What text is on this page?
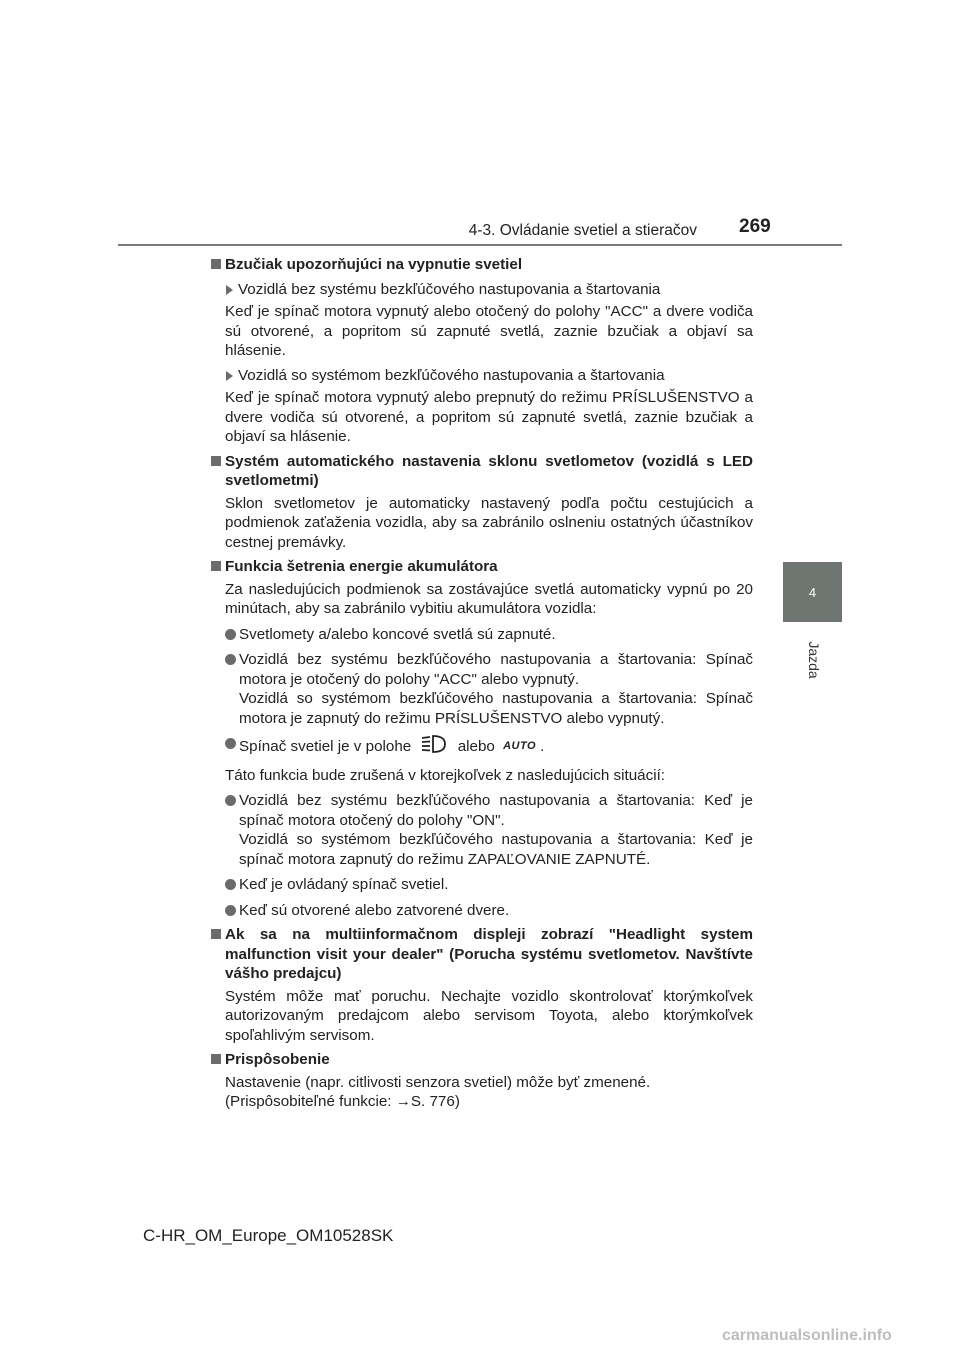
4-3. Ovládanie svetiel a stieračov 269
4
Jazda
Bzučiak upozorňujúci na vypnutie svetiel
Vozidlá bez systému bezkľúčového nastupovania a štartovania
Keď je spínač motora vypnutý alebo otočený do polohy "ACC" a dvere vodiča sú otvorené, a popritom sú zapnuté svetlá, zaznie bzučiak a objaví sa hlásenie.
Vozidlá so systémom bezkľúčového nastupovania a štartovania
Keď je spínač motora vypnutý alebo prepnutý do režimu PRÍSLUŠENSTVO a dvere vodiča sú otvorené, a popritom sú zapnuté svetlá, zaznie bzučiak a objaví sa hlásenie.
Systém automatického nastavenia sklonu svetlometov (vozidlá s LED svetlometmi)
Sklon svetlometov je automaticky nastavený podľa počtu cestujúcich a podmienok zaťaženia vozidla, aby sa zabránilo oslneniu ostatných účastníkov cestnej premávky.
Funkcia šetrenia energie akumulátora
Za nasledujúcich podmienok sa zostávajúce svetlá automaticky vypnú po 20 minútach, aby sa zabránilo vybitiu akumulátora vozidla:
Svetlomety a/alebo koncové svetlá sú zapnuté.
Vozidlá bez systému bezkľúčového nastupovania a štartovania: Spínač motora je otočený do polohy "ACC" alebo vypnutý.
Vozidlá so systémom bezkľúčového nastupovania a štartovania: Spínač motora je zapnutý do režimu PRÍSLUŠENSTVO alebo vypnutý.
Spínač svetiel je v polohe	alebo AUTO .
Táto funkcia bude zrušená v ktorejkoľvek z nasledujúcich situácií:
Vozidlá bez systému bezkľúčového nastupovania a štartovania: Keď je spínač motora otočený do polohy "ON".
Vozidlá so systémom bezkľúčového nastupovania a štartovania: Keď je spínač motora zapnutý do režimu ZAPAĽOVANIE ZAPNUTÉ.
Keď je ovládaný spínač svetiel.
Keď sú otvorené alebo zatvorené dvere.
Ak sa na multiinformačnom displeji zobrazí "Headlight system malfunction visit your dealer" (Porucha systému svetlometov. Navštívte vášho predajcu)
Systém môže mať poruchu. Nechajte vozidlo skontrolovať ktorýmkoľvek autorizovaným predajcom alebo servisom Toyota, alebo ktorýmkoľvek spoľahlivým servisom.
Prispôsobenie
Nastavenie (napr. citlivosti senzora svetiel) môže byť zmenené.
(Prispôsobiteľné funkcie: →S. 776)
C-HR_OM_Europe_OM10528SK
carmanualsonline.info
